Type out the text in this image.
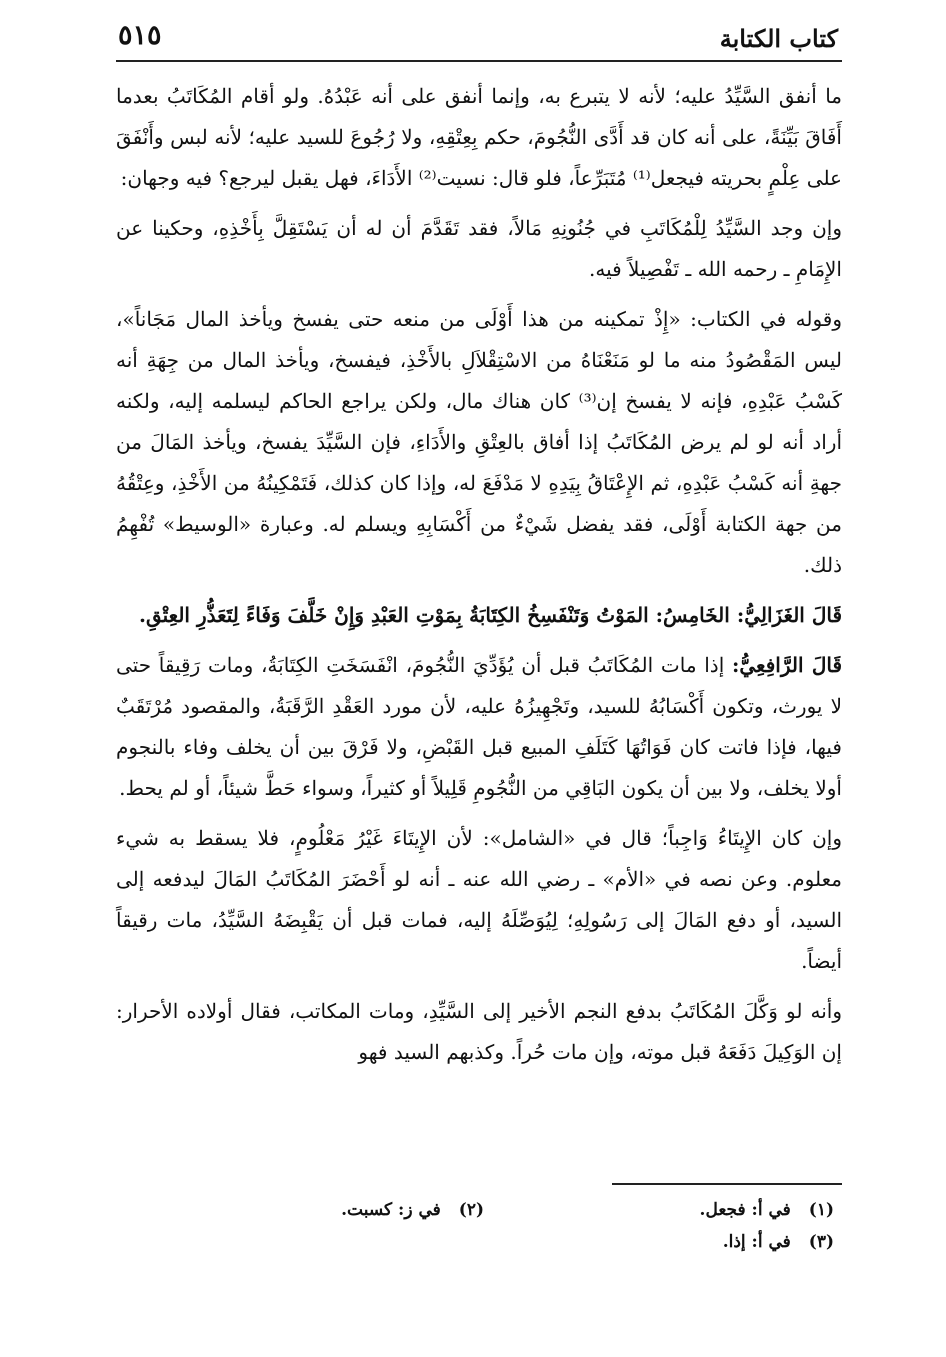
كتاب الكتابة
٥١٥

ما أنفق السَّيِّدُ عليه؛ لأنه لا يتبرع به، وإنما أنفق على أنه عَبْدُهُ. ولو أقام المُكَاتَبُ بعدما أَفَاقَ بَيِّنَةً، على أنه كان قد أَدَّى النُّجُومَ، حكم بِعِتْقِهِ، ولا رُجُوعَ للسيد عليه؛ لأنه لبس وأَنْفَقَ على عِلْمٍ بحريته فيجعل⁽¹⁾ مُتَبَرِّعاً، فلو قال: نسيت⁽²⁾ الأَدَاءَ، فهل يقبل ليرجع؟ فيه وجهان:

وإن وجد السَّيِّدُ لِلْمُكَاتَبِ في جُنُونِهِ مَالاً، فقد تَقَدَّمَ أن له أن يَسْتَقِلَّ بِأَخْذِهِ، وحكينا عن الإِمَامِ ـ رحمه الله ـ تَفْصِيلاً فيه.

وقوله في الكتاب: «إِذْ تمكينه من هذا أَوْلَى من منعه حتى يفسخ ويأخذ المال مَجَاناً»، ليس المَقْصُودُ منه ما لو مَنَعْنَاهُ من الاسْتِقْلاَلِ بالأَخْذِ، فيفسخ، ويأخذ المال من جِهَةِ أنه كَسْبُ عَبْدِهِ، فإنه لا يفسخ إن⁽³⁾ كان هناك مال، ولكن يراجع الحاكم ليسلمه إليه، ولكنه أراد أنه لو لم يرض المُكَاتَبُ إذا أفاق بالعِتْقِ والأَدَاءِ، فإن السَّيِّدَ يفسخ، ويأخذ المَالَ من جهةِ أنه كَسْبُ عَبْدِهِ، ثم الإِعْتَاقُ بِيَدِهِ لا مَدْفَعَ له، وإذا كان كذلك، فَتَمْكِينُهُ من الأَخْذِ، وعِتْقُهُ من جهة الكتابة أَوْلَى، فقد يفضل شَيْءٌ من أَكْسَابِهِ ويسلم له. وعبارة «الوسيط» تُفْهِمُ ذلك.

قَالَ الغَزَالِيُّ: الخَامِسُ: المَوْتُ وَتَنْفَسِخُ الكِتَابَةُ بِمَوْتِ العَبْدِ وَإِنْ خَلَّفَ وَفَاءً لِتَعَذُّرِ العِتْقِ.

قَالَ الرَّافِعِيُّ: إذا مات المُكَاتَبُ قبل أن يُؤَدِّيَ النُّجُومَ، انْفَسَخَتِ الكِتَابَةُ، ومات رَقِيقاً حتى لا يورث، وتكون أَكْسَابُهُ للسيد، وتَجْهِيزُهُ عليه، لأن مورد العَقْدِ الرَّقَبَةُ، والمقصود مُرْتَقَبٌ فيها، فإذا فاتت كان فَوَاتُهَا كَتَلَفِ المبيع قبل القَبْضِ، ولا فَرْقَ بين أن يخلف وفاء بالنجوم أولا يخلف، ولا بين أن يكون البَاقِي من النُّجُومِ قَلِيلاً أو كثيراً، وسواء حَطَّ شيئاً، أو لم يحط.

وإن كان الإِيتَاءُ وَاجِباً؛ قال في «الشامل»: لأن الإِيتَاءَ غَيْرُ مَعْلُومٍ، فلا يسقط به شيء معلوم. وعن نصه في «الأم» ـ رضي الله عنه ـ أنه لو أَحْضَرَ المُكَاتَبُ المَالَ ليدفعه إلى السيد، أو دفع المَالَ إلى رَسُولِهِ؛ لِيُوَصِّلَهُ إليه، فمات قبل أن يَقْبِضَهُ السَّيِّدُ، مات رقيقاً أيضاً.

وأنه لو وَكَّلَ المُكَاتَبُ بدفع النجم الأخير إلى السَّيِّدِ، ومات المكاتب، فقال أولاده الأحرار: إن الوَكِيلَ دَفَعَهُ قبل موته، وإن مات حُراً. وكذبهم السيد فهو

(١)في أ: فجعل.
(٢)في ز: كسبت.
(٣)في أ: إذا.
